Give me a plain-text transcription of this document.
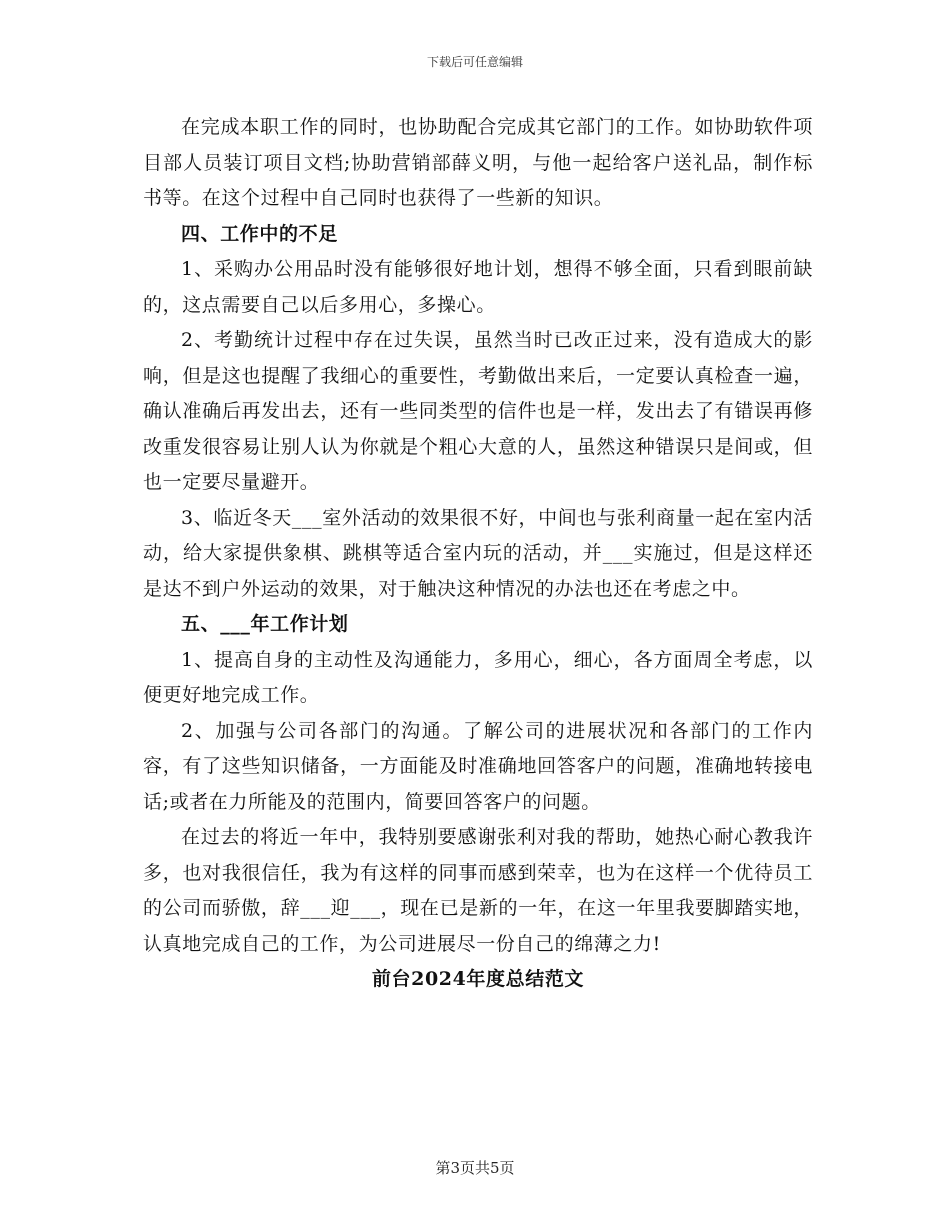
下载后可任意编辑

在完成本职工作的同时，也协助配合完成其它部门的工作。如协助软件项目部人员装订项目文档;协助营销部薛义明，与他一起给客户送礼品，制作标书等。在这个过程中自己同时也获得了一些新的知识。

四、工作中的不足

1、采购办公用品时没有能够很好地计划，想得不够全面，只看到眼前缺的，这点需要自己以后多用心，多操心。

2、考勤统计过程中存在过失误，虽然当时已改正过来，没有造成大的影响，但是这也提醒了我细心的重要性，考勤做出来后，一定要认真检查一遍，确认准确后再发出去，还有一些同类型的信件也是一样，发出去了有错误再修改重发很容易让别人认为你就是个粗心大意的人，虽然这种错误只是间或，但也一定要尽量避开。

3、临近冬天___室外活动的效果很不好，中间也与张利商量一起在室内活动，给大家提供象棋、跳棋等适合室内玩的活动，并___实施过，但是这样还是达不到户外运动的效果，对于触决这种情况的办法也还在考虑之中。

五、___年工作计划

1、提高自身的主动性及沟通能力，多用心，细心，各方面周全考虑，以便更好地完成工作。

2、加强与公司各部门的沟通。了解公司的进展状况和各部门的工作内容，有了这些知识储备，一方面能及时准确地回答客户的问题，准确地转接电话;或者在力所能及的范围内，简要回答客户的问题。

在过去的将近一年中，我特别要感谢张利对我的帮助，她热心耐心教我许多，也对我很信任，我为有这样的同事而感到荣幸，也为在这样一个优待员工的公司而骄傲，辞___迎___，现在已是新的一年，在这一年里我要脚踏实地，认真地完成自己的工作，为公司进展尽一份自己的绵薄之力!

前台2024年度总结范文

第3页共5页
